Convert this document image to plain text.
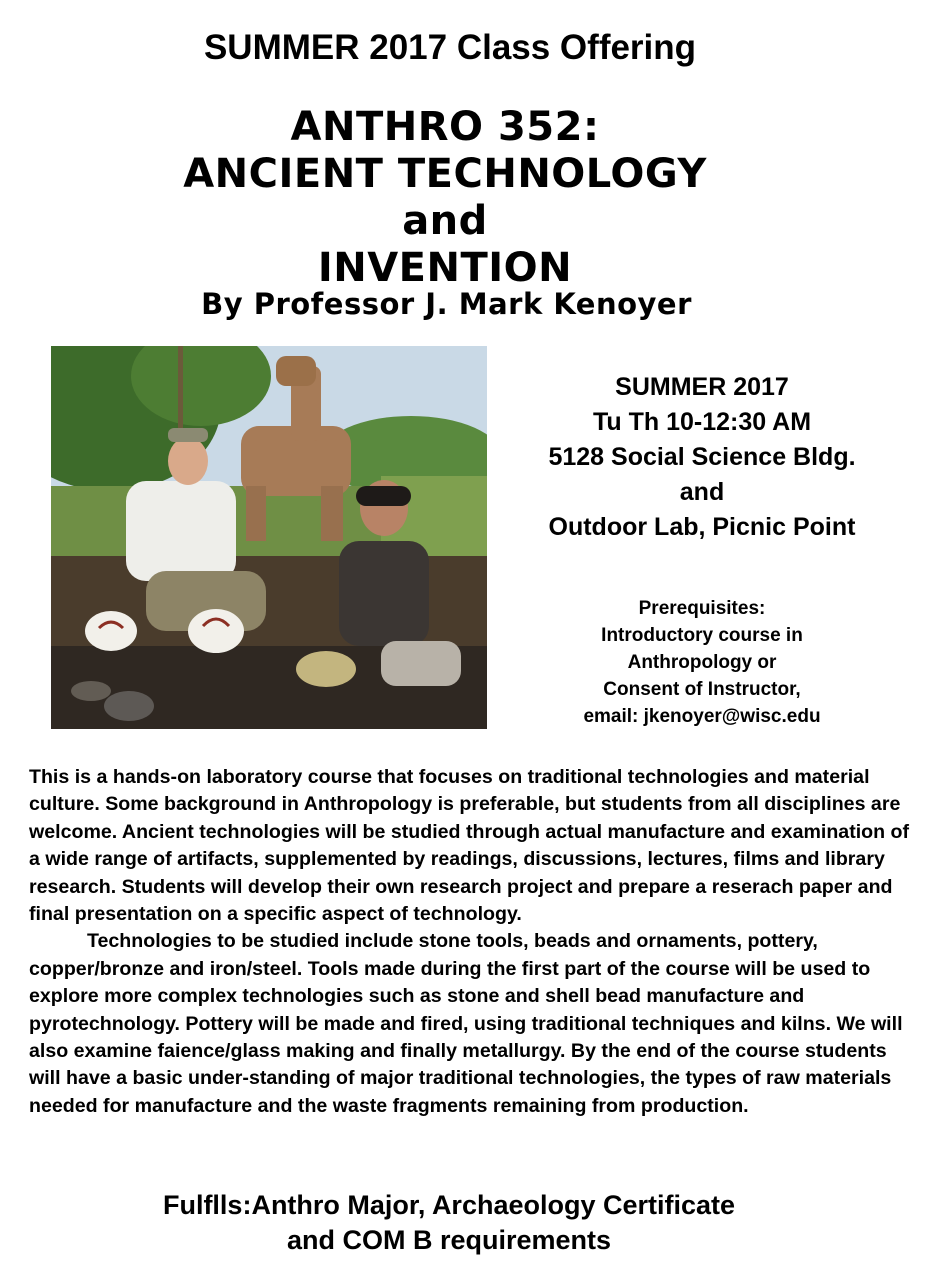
SUMMER 2017 Class Offering
ANTHRO 352:
ANCIENT TECHNOLOGY
and
INVENTION
By Professor J. Mark Kenoyer
SUMMER 2017
Tu Th 10-12:30 AM
5128 Social Science Bldg.
and
Outdoor Lab, Picnic Point
Prerequisites:
Introductory course in
Anthropology or
Consent of Instructor,
email: jkenoyer@wisc.edu

This is a hands-on laboratory course that focuses on traditional technologies and material culture. Some background in Anthropology is preferable, but students from all disciplines are welcome. Ancient technologies will be studied through actual manufacture and examination of a wide range of artifacts, supplemented by readings, discussions, lectures, films and library research. Students will develop their own research project and prepare a reserach paper and final presentation on a specific aspect of technology.

Technologies to be studied include stone tools, beads and ornaments, pottery, copper/bronze and iron/steel. Tools made during the first part of the course will be used to explore more complex technologies such as stone and shell bead manufacture and pyrotechnology. Pottery will be made and fired, using traditional techniques and kilns. We will also examine faience/glass making and finally metallurgy. By the end of the course students will have a basic under-standing of major traditional technologies, the types of raw materials needed for manufacture and the waste fragments remaining from production.

Fulflls:Anthro Major, Archaeology Certificate
and COM B requirements
